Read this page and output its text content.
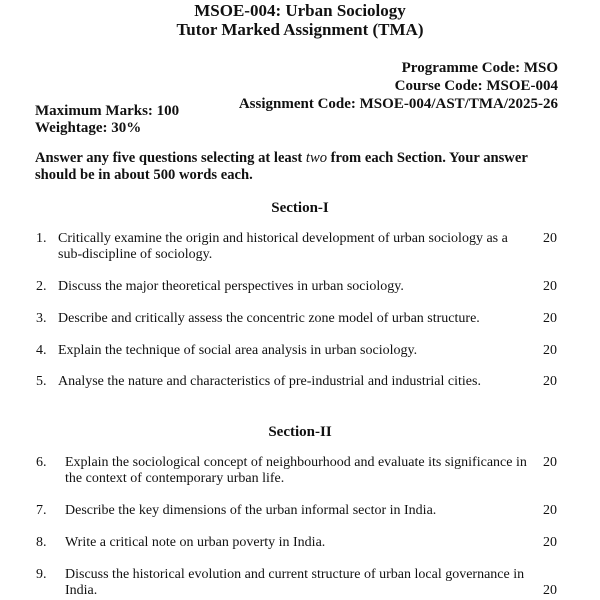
MSOE-004: Urban Sociology
Tutor Marked Assignment (TMA)
Programme Code: MSO
Course Code: MSOE-004
Assignment Code: MSOE-004/AST/TMA/2025-26
Maximum Marks: 100
Weightage: 30%
Answer any five questions selecting at least two from each Section. Your answer should be in about 500 words each.
Section-I
1. Critically examine the origin and historical development of urban sociology as a sub-discipline of sociology.
20
2. Discuss the major theoretical perspectives in urban sociology.	20
3. Describe and critically assess the concentric zone model of urban structure.	20
4. Explain the technique of social area analysis in urban sociology.	20
5. Analyse the nature and characteristics of pre-industrial and industrial cities.	20
Section-II
6. Explain the sociological concept of neighbourhood and evaluate its significance in the context of contemporary urban life.
20
7. Describe the key dimensions of the urban informal sector in India.	20
8. Write a critical note on urban poverty in India.	20
9. Discuss the historical evolution and current structure of urban local governance in India.	20
